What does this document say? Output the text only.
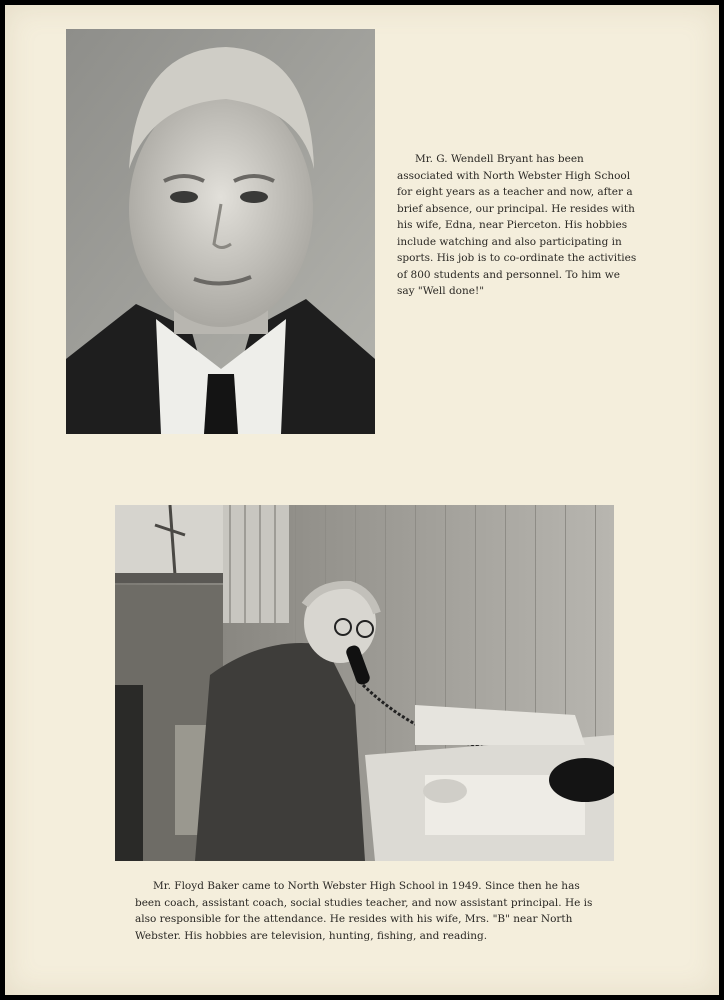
Mr. G. Wendell Bryant has been associated with North Webster High School for eight years as a teacher and now, after a brief absence, our principal. He resides with his wife, Edna, near Pierceton. His hobbies include watching and also participating in sports. His job is to co-ordinate the activities of 800 students and personnel. To him we say "Well done!"

Mr. Floyd Baker came to North Webster High School in 1949. Since then he has been coach, assistant coach, social studies teacher, and now assistant principal. He is also responsible for the attendance. He resides with his wife, Mrs. "B" near North Webster. His hobbies are television, hunting, fishing, and reading.
